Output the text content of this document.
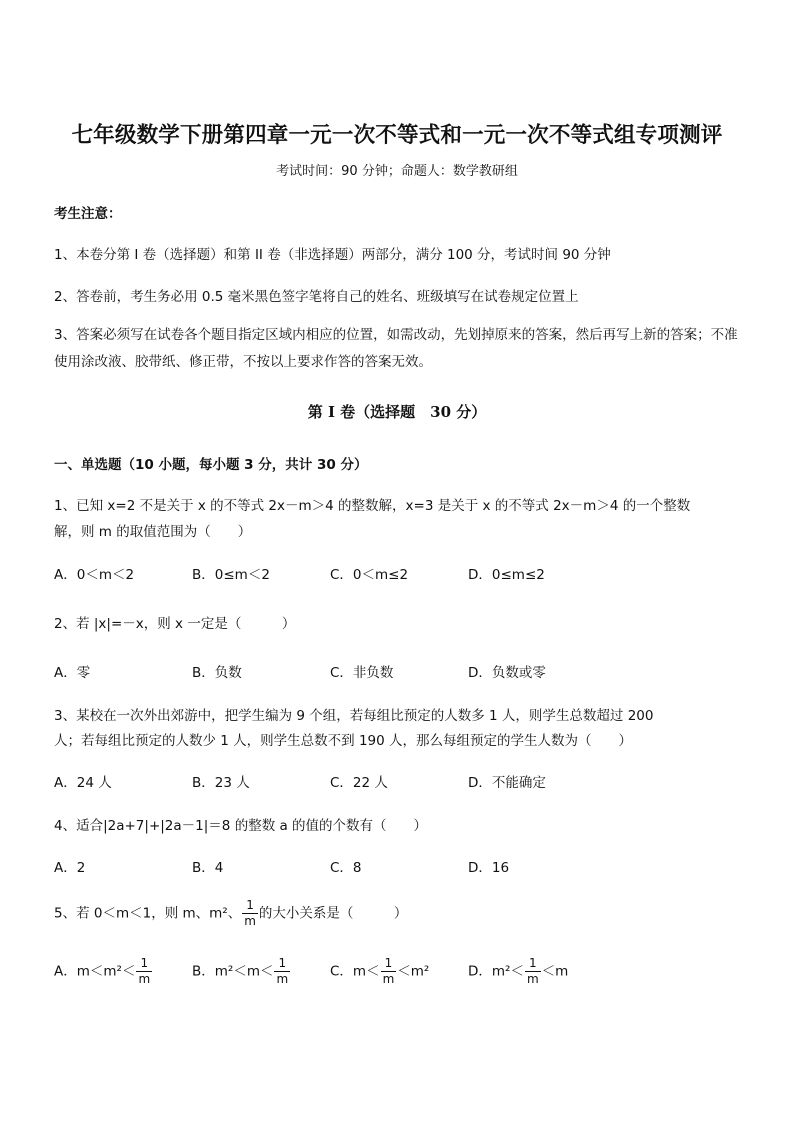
七年级数学下册第四章一元一次不等式和一元一次不等式组专项测评
考试时间：90 分钟；命题人：数学教研组
考生注意：
1、本卷分第 I 卷（选择题）和第 II 卷（非选择题）两部分，满分 100 分，考试时间 90 分钟
2、答卷前，考生务必用 0.5 毫米黑色签字笔将自己的姓名、班级填写在试卷规定位置上
3、答案必须写在试卷各个题目指定区域内相应的位置，如需改动，先划掉原来的答案，然后再写上新的答案；不准使用涂改液、胶带纸、修正带，不按以上要求作答的答案无效。
第 I 卷（选择题　30 分）
一、单选题（10 小题，每小题 3 分，共计 30 分）
1、已知 x=2 不是关于 x 的不等式 2x－m＞4 的整数解，x=3 是关于 x 的不等式 2x－m＞4 的一个整数
解，则 m 的取值范围为（　　）
A．0＜m＜2	B．0≤m＜2	C．0＜m≤2	D．0≤m≤2
2、若 |x|=－x，则 x 一定是（　　　）
A．零	B．负数	C．非负数	D．负数或零
3、某校在一次外出郊游中，把学生编为 9 个组，若每组比预定的人数多 1 人，则学生总数超过 200
人；若每组比预定的人数少 1 人，则学生总数不到 190 人，那么每组预定的学生人数为（　　）
A．24 人	B．23 人	C．22 人	D．不能确定
4、适合|2a+7|+|2a－1|＝8 的整数 a 的值的个数有（　　）
A．2	B．4	C．8	D．16
5、若 0＜m＜1，则 m、m²、 $\frac{1}{m}$ 的大小关系是（　　　）
A．$m<m^2< \frac{1}{m}$	B．$m^2<m< \frac{1}{m}$	C．$m< \frac{1}{m} <m^2$	D．$m^2< \frac{1}{m} <m$
